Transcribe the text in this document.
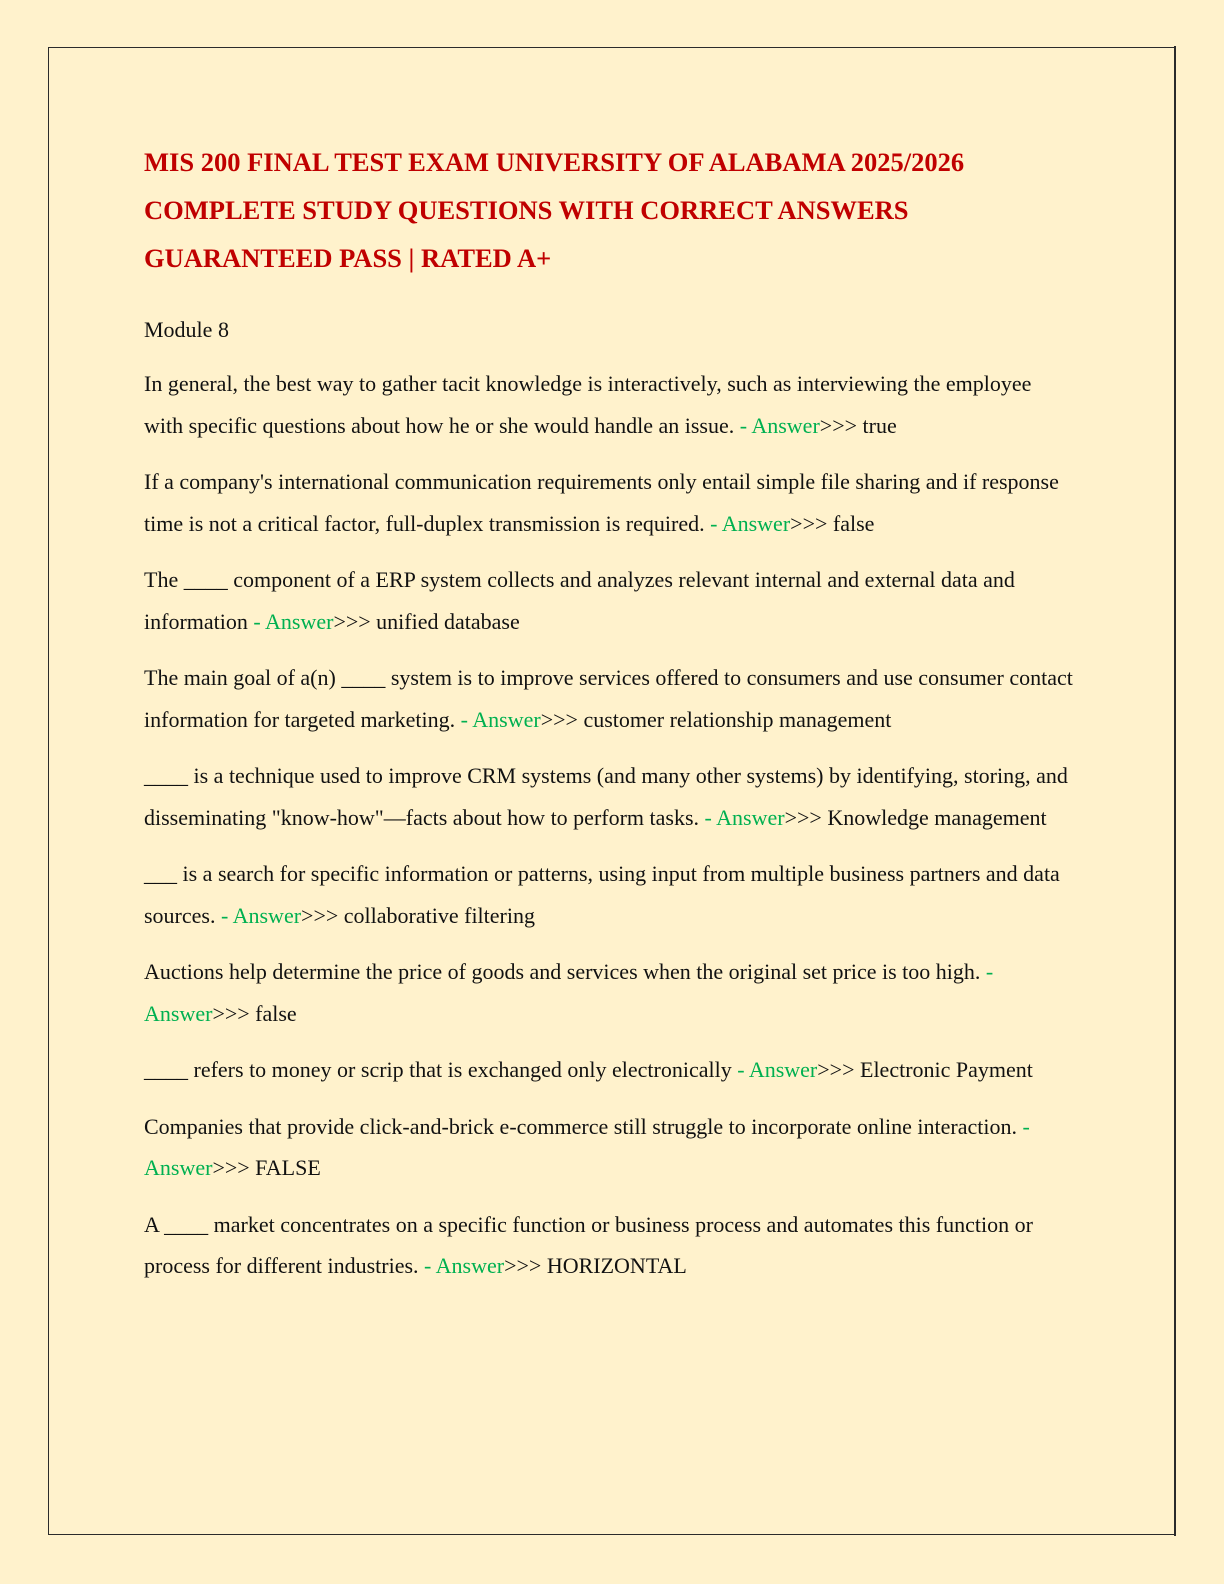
MIS 200 FINAL TEST EXAM UNIVERSITY OF ALABAMA 2025/2026
COMPLETE STUDY QUESTIONS WITH CORRECT ANSWERS
GUARANTEED PASS | RATED A+

Module 8

In general, the best way to gather tacit knowledge is interactively, such as interviewing the employee with specific questions about how he or she would handle an issue. - Answer>>> true

If a company's international communication requirements only entail simple file sharing and if response time is not a critical factor, full-duplex transmission is required. - Answer>>> false

The ____ component of a ERP system collects and analyzes relevant internal and external data and information - Answer>>> unified database

The main goal of a(n) ____ system is to improve services offered to consumers and use consumer contact information for targeted marketing. - Answer>>> customer relationship management

____ is a technique used to improve CRM systems (and many other systems) by identifying, storing, and disseminating "know-how"—facts about how to perform tasks. - Answer>>> Knowledge management

___ is a search for specific information or patterns, using input from multiple business partners and data sources. - Answer>>> collaborative filtering

Auctions help determine the price of goods and services when the original set price is too high. - Answer>>> false

____ refers to money or scrip that is exchanged only electronically - Answer>>> Electronic Payment

Companies that provide click-and-brick e-commerce still struggle to incorporate online interaction. - Answer>>> FALSE

A ____ market concentrates on a specific function or business process and automates this function or process for different industries. - Answer>>> HORIZONTAL
